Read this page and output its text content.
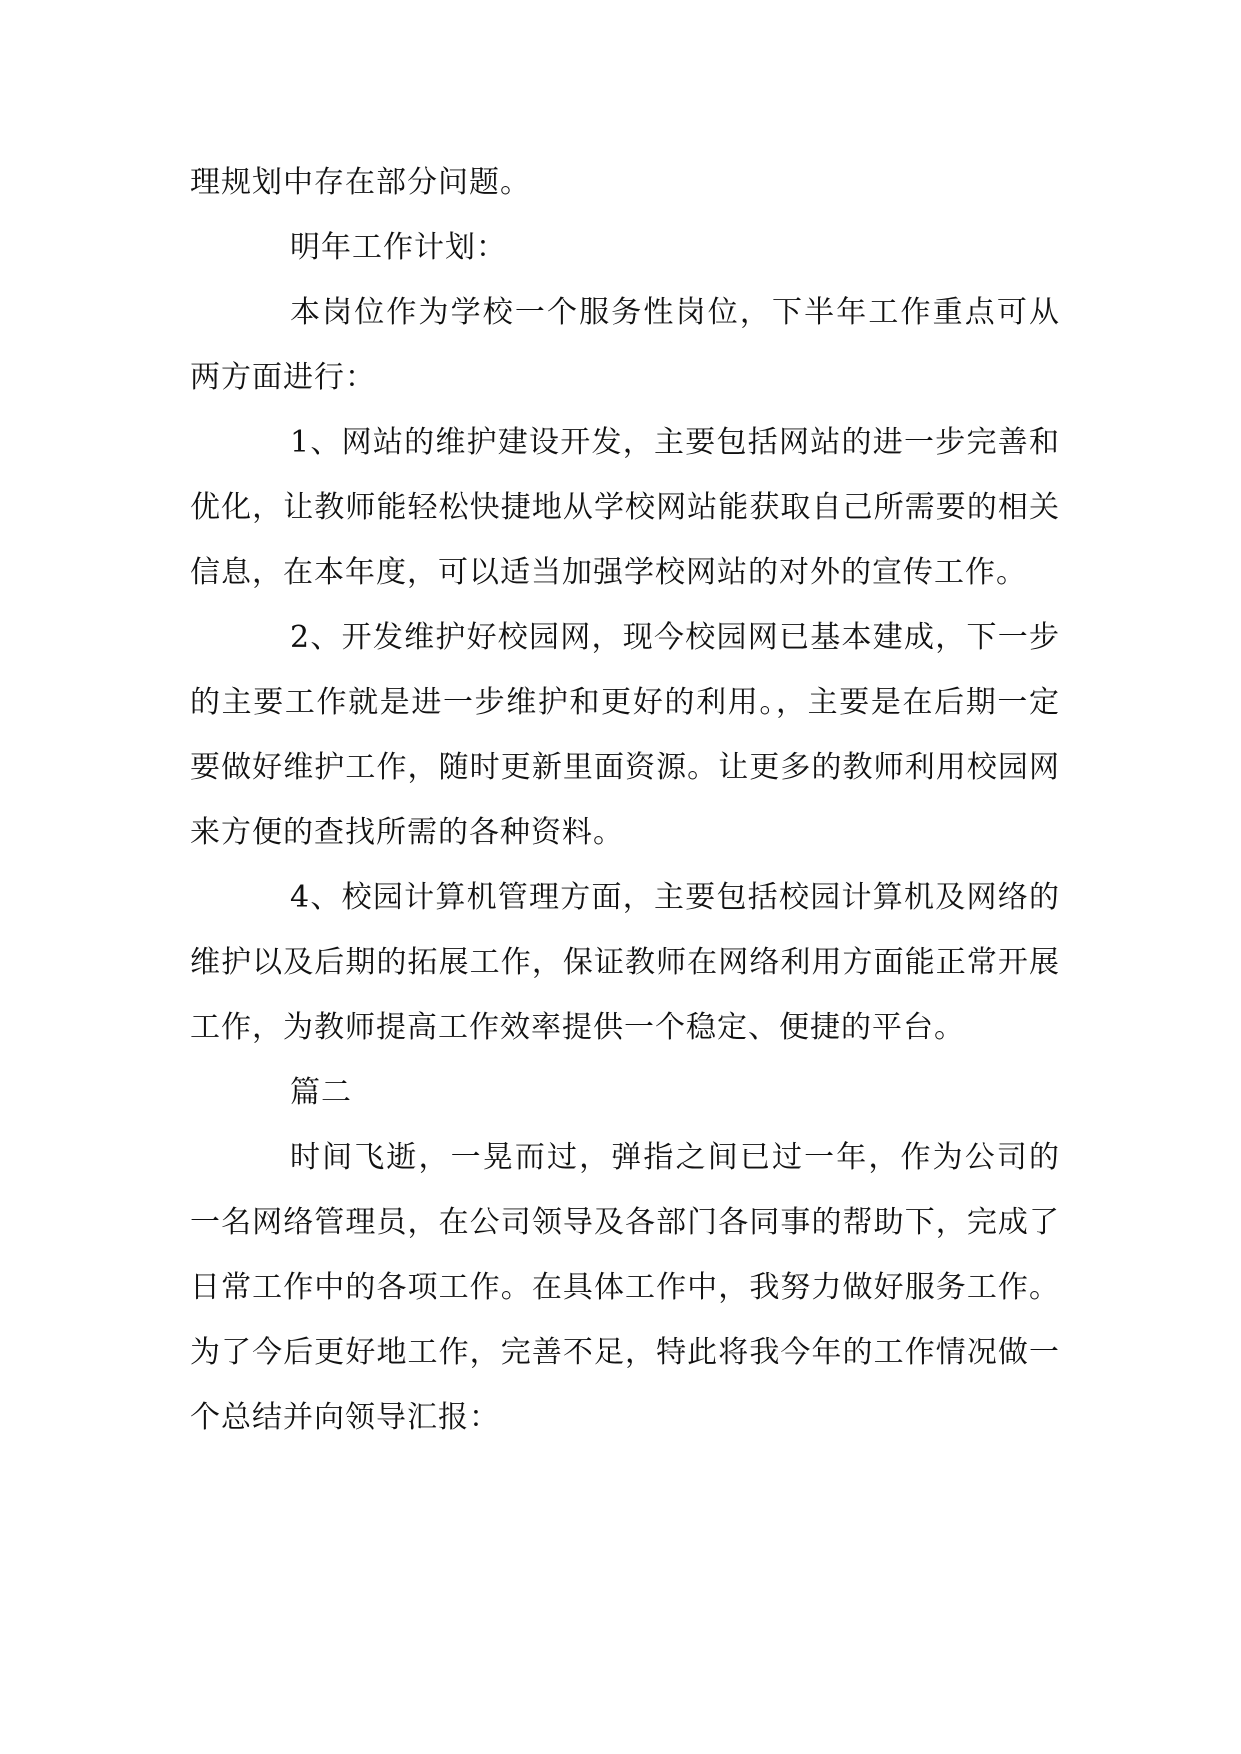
理规划中存在部分问题。

明年工作计划：

本岗位作为学校一个服务性岗位，下半年工作重点可从两方面进行：

1、网站的维护建设开发，主要包括网站的进一步完善和优化，让教师能轻松快捷地从学校网站能获取自己所需要的相关信息，在本年度，可以适当加强学校网站的对外的宣传工作。

2、开发维护好校园网，现今校园网已基本建成，下一步的主要工作就是进一步维护和更好的利用。，主要是在后期一定要做好维护工作，随时更新里面资源。让更多的教师利用校园网来方便的查找所需的各种资料。

4、校园计算机管理方面，主要包括校园计算机及网络的维护以及后期的拓展工作，保证教师在网络利用方面能正常开展工作，为教师提高工作效率提供一个稳定、便捷的平台。

篇二

时间飞逝，一晃而过，弹指之间已过一年，作为公司的一名网络管理员，在公司领导及各部门各同事的帮助下，完成了日常工作中的各项工作。在具体工作中，我努力做好服务工作。为了今后更好地工作，完善不足，特此将我今年的工作情况做一个总结并向领导汇报：
